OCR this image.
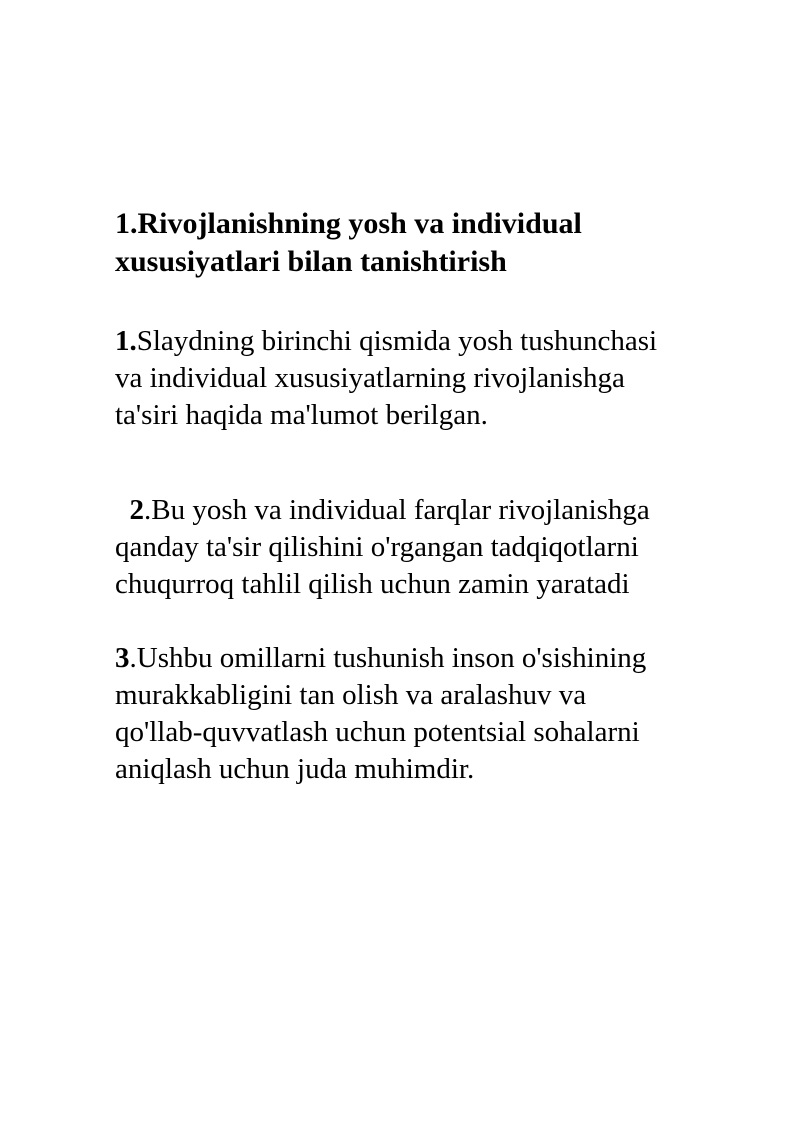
1.Rivojlanishning yosh va individual
xususiyatlari bilan tanishtirish

1.Slaydning birinchi qismida yosh tushunchasi
va individual xususiyatlarning rivojlanishga
ta'siri haqida ma'lumot berilgan.

2.Bu yosh va individual farqlar rivojlanishga
qanday ta'sir qilishini o'rgangan tadqiqotlarni
chuqurroq tahlil qilish uchun zamin yaratadi

3.Ushbu omillarni tushunish inson o'sishining
murakkabligini tan olish va aralashuv va
qo'llab-quvvatlash uchun potentsial sohalarni
aniqlash uchun juda muhimdir.
